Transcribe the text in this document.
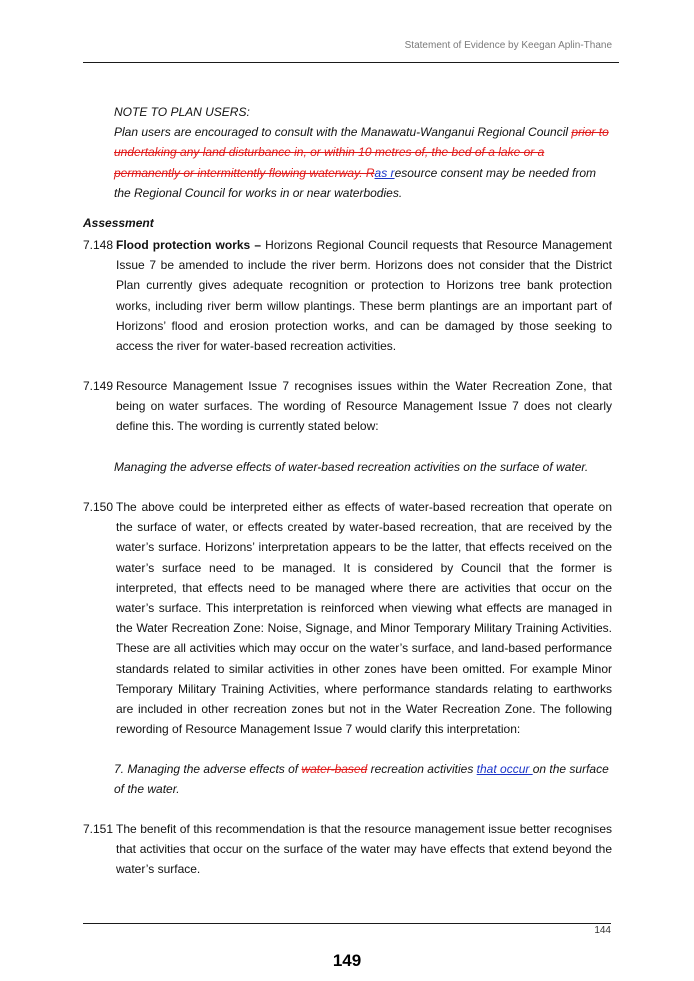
Statement of Evidence by Keegan Aplin-Thane
NOTE TO PLAN USERS:
Plan users are encouraged to consult with the Manawatu-Wanganui Regional Council prior to undertaking any land disturbance in, or within 10 metres of, the bed of a lake or a permanently or intermittently flowing waterway. Ras resource consent may be needed from the Regional Council for works in or near waterbodies.
Assessment
7.148 Flood protection works – Horizons Regional Council requests that Resource Management Issue 7 be amended to include the river berm. Horizons does not consider that the District Plan currently gives adequate recognition or protection to Horizons tree bank protection works, including river berm willow plantings. These berm plantings are an important part of Horizons’ flood and erosion protection works, and can be damaged by those seeking to access the river for water-based recreation activities.
7.149 Resource Management Issue 7 recognises issues within the Water Recreation Zone, that being on water surfaces. The wording of Resource Management Issue 7 does not clearly define this. The wording is currently stated below:
Managing the adverse effects of water-based recreation activities on the surface of water.
7.150 The above could be interpreted either as effects of water-based recreation that operate on the surface of water, or effects created by water-based recreation, that are received by the water’s surface. Horizons’ interpretation appears to be the latter, that effects received on the water’s surface need to be managed. It is considered by Council that the former is interpreted, that effects need to be managed where there are activities that occur on the water’s surface. This interpretation is reinforced when viewing what effects are managed in the Water Recreation Zone: Noise, Signage, and Minor Temporary Military Training Activities. These are all activities which may occur on the water’s surface, and land-based performance standards related to similar activities in other zones have been omitted. For example Minor Temporary Military Training Activities, where performance standards relating to earthworks are included in other recreation zones but not in the Water Recreation Zone. The following rewording of Resource Management Issue 7 would clarify this interpretation:
7. Managing the adverse effects of water-based recreation activities that occur on the surface of the water.
7.151 The benefit of this recommendation is that the resource management issue better recognises that activities that occur on the surface of the water may have effects that extend beyond the water’s surface.
144
149
